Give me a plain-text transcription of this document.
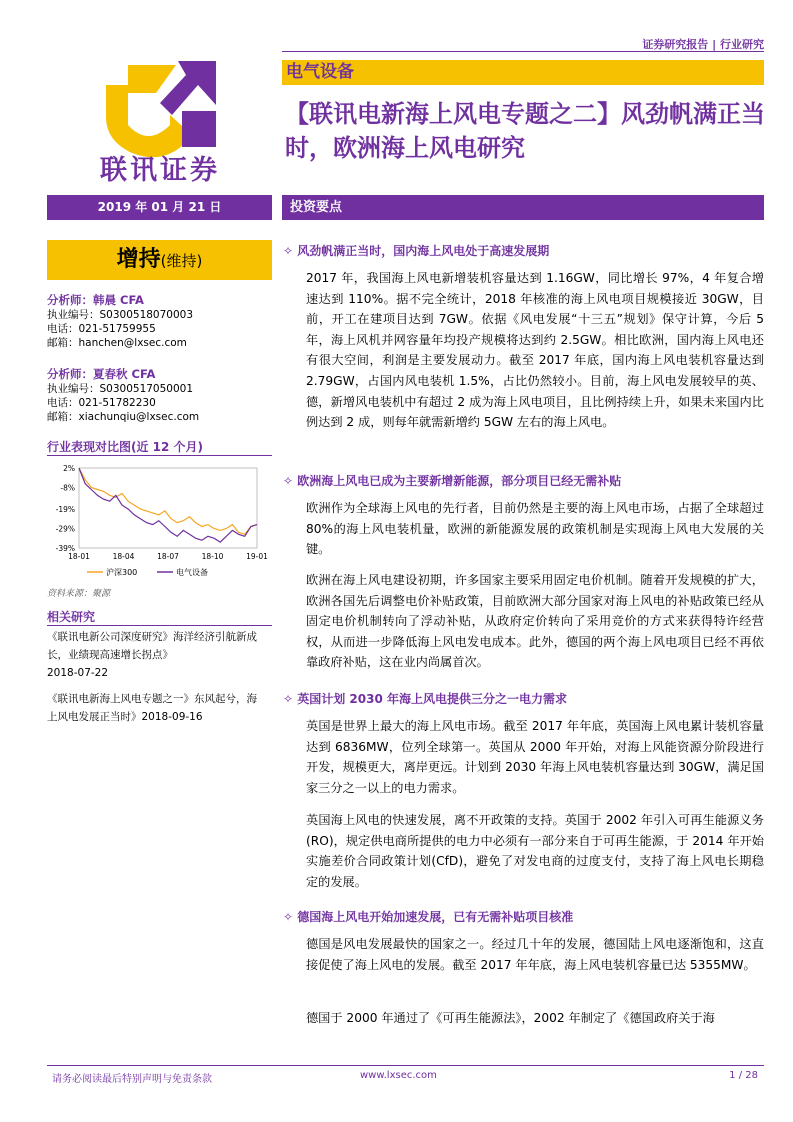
证券研究报告 | 行业研究
电气设备
【联讯电新海上风电专题之二】风劲帆满正当时，欧洲海上风电研究
联讯证券
2019 年 01 月 21 日	投资要点
增持(维持)
分析师：韩晨 CFA
执业编号：S0300518070003
电话：021-51759955
邮箱：hanchen@lxsec.com
分析师：夏春秋 CFA
执业编号：S0300517050001
电话：021-51782230
邮箱：xiachunqiu@lxsec.com
行业表现对比图(近 12 个月)
2%
-8%
-19%
-29%
-39%
18-01	18-04	18-07	18-10	19-01
沪深300	电气设备
资料来源：聚源
相关研究
《联讯电新公司深度研究》海洋经济引航新成长，业绩现高速增长拐点》
2018-07-22
《联讯电新海上风电专题之一》东风起兮，海上风电发展正当时》2018-09-16
✧ 风劲帆满正当时，国内海上风电处于高速发展期
2017 年，我国海上风电新增装机容量达到 1.16GW，同比增长 97%，4 年复合增速达到 110%。据不完全统计，2018 年核准的海上风电项目规模接近 30GW，目前，开工在建项目达到 7GW。依据《风电发展“十三五”规划》保守计算，今后 5 年，海上风机并网容量年均投产规模将达到约 2.5GW。相比欧洲，国内海上风电还有很大空间，利润是主要发展动力。截至 2017 年底，国内海上风电装机容量达到 2.79GW，占国内风电装机 1.5%，占比仍然较小。目前，海上风电发展较早的英、德，新增风电装机中有超过 2 成为海上风电项目，且比例持续上升，如果未来国内比例达到 2 成，则每年就需新增约 5GW 左右的海上风电。
✧ 欧洲海上风电已成为主要新增新能源，部分项目已经无需补贴
欧洲作为全球海上风电的先行者，目前仍然是主要的海上风电市场，占据了全球超过 80%的海上风电装机量，欧洲的新能源发展的政策机制是实现海上风电大发展的关键。
欧洲在海上风电建设初期，许多国家主要采用固定电价机制。随着开发规模的扩大，欧洲各国先后调整电价补贴政策，目前欧洲大部分国家对海上风电的补贴政策已经从固定电价机制转向了浮动补贴，从政府定价转向了采用竞价的方式来获得特许经营权，从而进一步降低海上风电发电成本。此外，德国的两个海上风电项目已经不再依靠政府补贴，这在业内尚属首次。
✧ 英国计划 2030 年海上风电提供三分之一电力需求
英国是世界上最大的海上风电市场。截至 2017 年年底，英国海上风电累计装机容量达到 6836MW，位列全球第一。英国从 2000 年开始，对海上风能资源分阶段进行开发，规模更大，离岸更远。计划到 2030 年海上风电装机容量达到 30GW，满足国家三分之一以上的电力需求。
英国海上风电的快速发展，离不开政策的支持。英国于 2002 年引入可再生能源义务(RO)，规定供电商所提供的电力中必须有一部分来自于可再生能源，于 2014 年开始实施差价合同政策计划(CfD)，避免了对发电商的过度支付，支持了海上风电长期稳定的发展。
✧ 德国海上风电开始加速发展，已有无需补贴项目核准
德国是风电发展最快的国家之一。经过几十年的发展，德国陆上风电逐渐饱和，这直接促使了海上风电的发展。截至 2017 年年底，海上风电装机容量已达 5355MW。
德国于 2000 年通过了《可再生能源法》，2002 年制定了《德国政府关于海
请务必阅读最后特别声明与免责条款	www.lxsec.com	1 / 28
